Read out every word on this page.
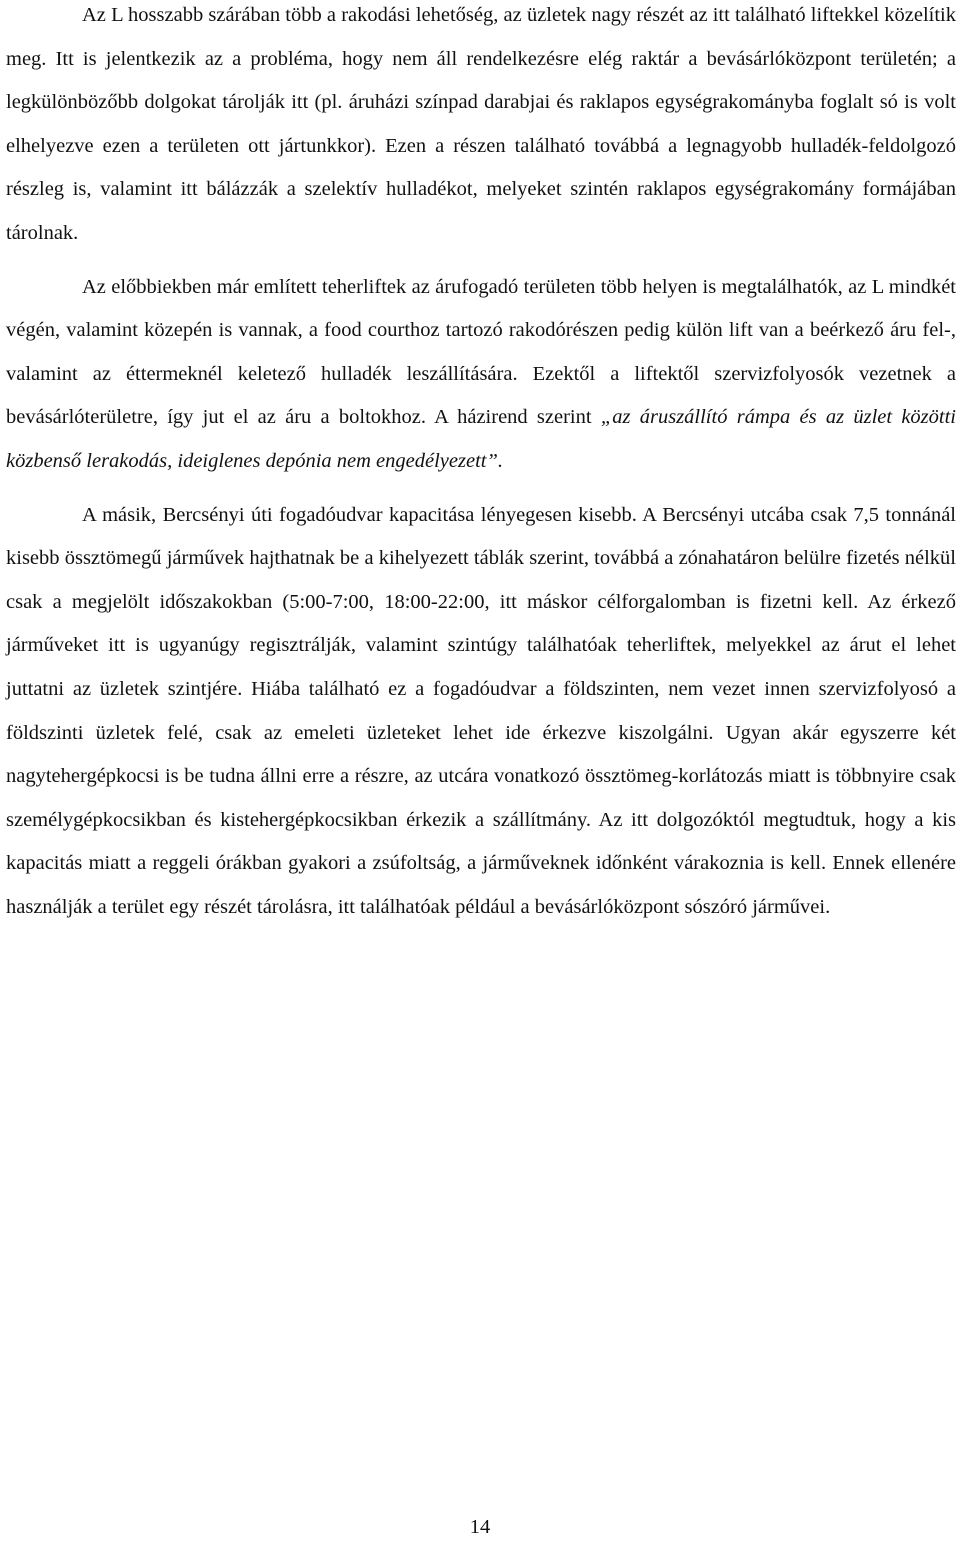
Az L hosszabb szárában több a rakodási lehetőség, az üzletek nagy részét az itt található liftekkel közelítik meg. Itt is jelentkezik az a probléma, hogy nem áll rendelkezésre elég raktár a bevásárlóközpont területén; a legkülönbözőbb dolgokat tárolják itt (pl. áruházi színpad darabjai és raklapos egységrakományba foglalt só is volt elhelyezve ezen a területen ott jártunkkor). Ezen a részen található továbbá a legnagyobb hulladék-feldolgozó részleg is, valamint itt bálázzák a szelektív hulladékot, melyeket szintén raklapos egységrakomány formájában tárolnak.

Az előbbiekben már említett teherliftek az árufogadó területen több helyen is megtalálhatók, az L mindkét végén, valamint közepén is vannak, a food courthoz tartozó rakodórészen pedig külön lift van a beérkező áru fel-, valamint az éttermeknél keletező hulladék leszállítására. Ezektől a liftektől szervizfolyosók vezetnek a bevásárlóterületre, így jut el az áru a boltokhoz. A házirend szerint „az áruszállító rámpa és az üzlet közötti közbenső lerakodás, ideiglenes depónia nem engedélyezett”.

A másik, Bercsényi úti fogadóudvar kapacitása lényegesen kisebb. A Bercsényi utcába csak 7,5 tonnánál kisebb össztömegű járművek hajthatnak be a kihelyezett táblák szerint, továbbá a zónahatáron belülre fizetés nélkül csak a megjelölt időszakokban (5:00-7:00, 18:00-22:00, itt máskor célforgalomban is fizetni kell. Az érkező járműveket itt is ugyanúgy regisztrálják, valamint szintúgy találhatóak teherliftek, melyekkel az árut el lehet juttatni az üzletek szintjére. Hiába található ez a fogadóudvar a földszinten, nem vezet innen szervizfolyosó a földszinti üzletek felé, csak az emeleti üzleteket lehet ide érkezve kiszolgálni. Ugyan akár egyszerre két nagytehergépkocsi is be tudna állni erre a részre, az utcára vonatkozó össztömeg-korlátozás miatt is többnyire csak személygépkocsikban és kistehergépkocsikban érkezik a szállítmány. Az itt dolgozóktól megtudtuk, hogy a kis kapacitás miatt a reggeli órákban gyakori a zsúfoltság, a járműveknek időnként várakoznia is kell. Ennek ellenére használják a terület egy részét tárolásra, itt találhatóak például a bevásárlóközpont sószóró járművei.

14
